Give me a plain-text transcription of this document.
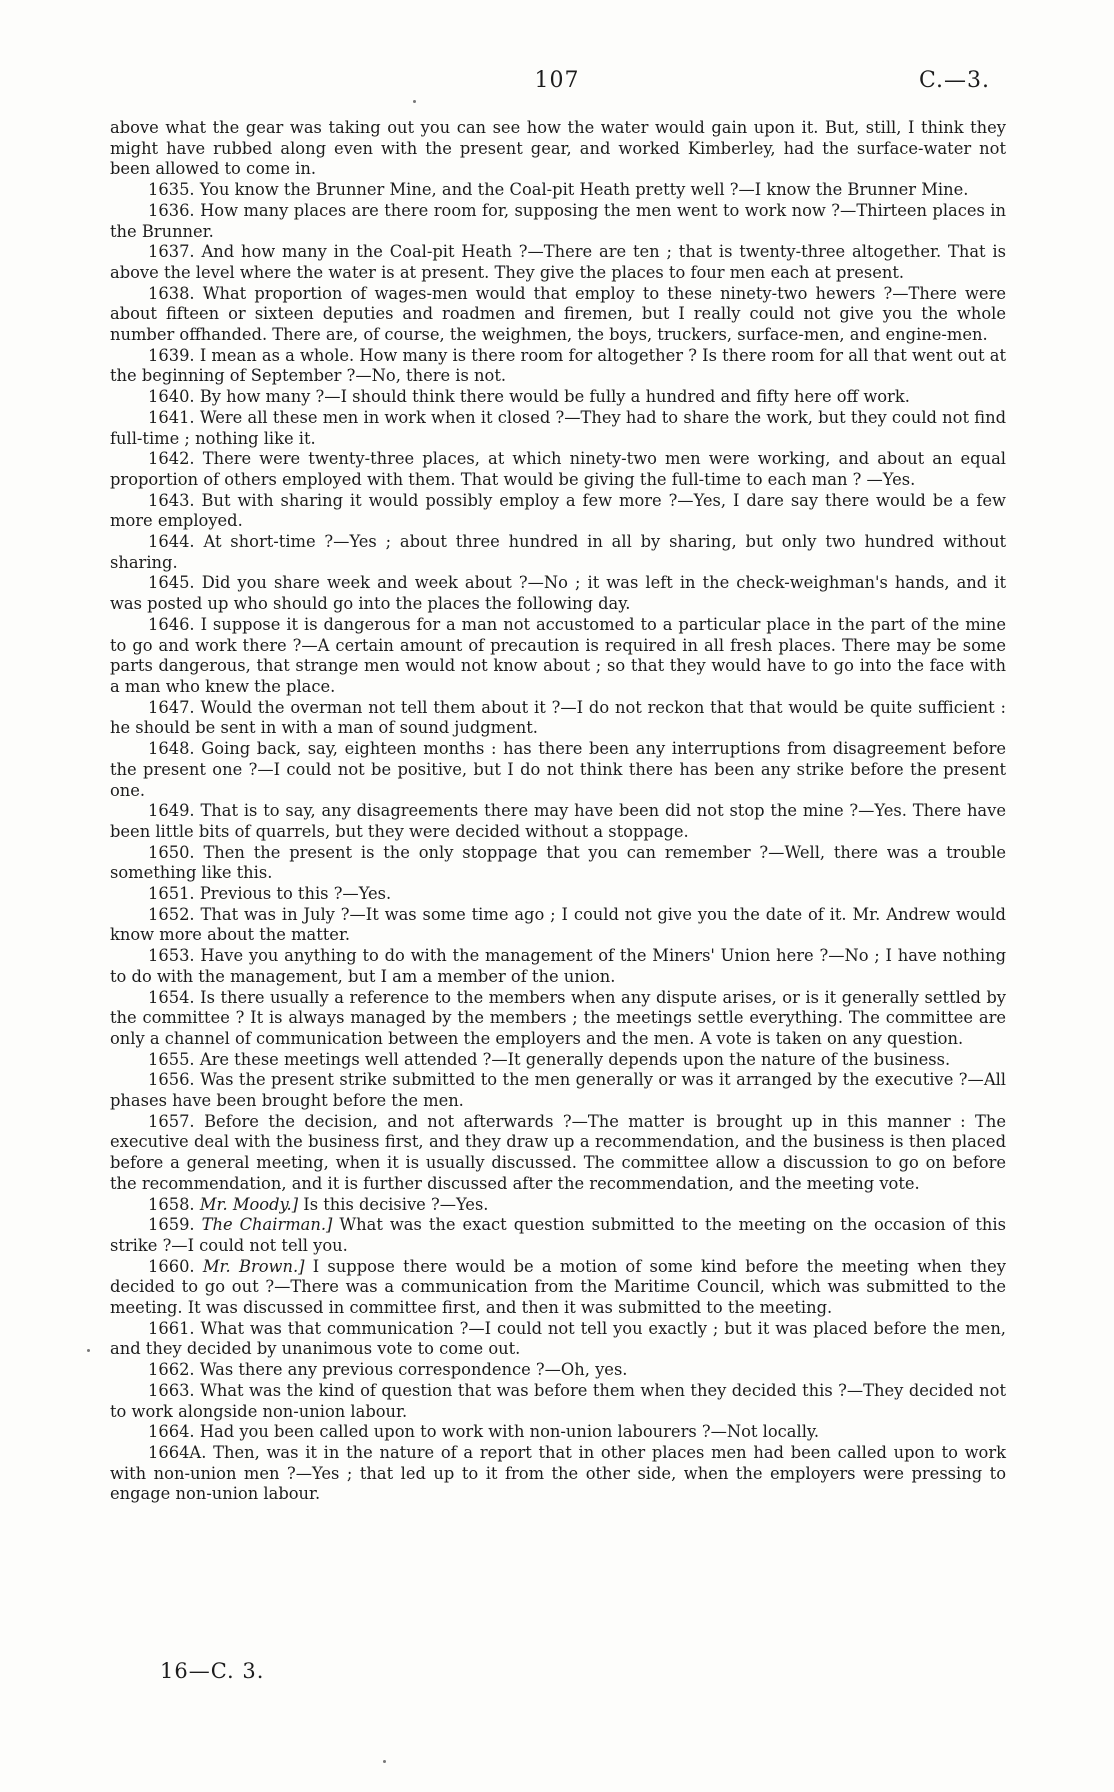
107	C.—3.

above what the gear was taking out you can see how the water would gain upon it. But, still, I think they might have rubbed along even with the present gear, and worked Kimberley, had the surface-water not been allowed to come in.

1635. You know the Brunner Mine, and the Coal-pit Heath pretty well ?—I know the Brunner Mine.

1636. How many places are there room for, supposing the men went to work now ?—Thirteen places in the Brunner.

1637. And how many in the Coal-pit Heath ?—There are ten ; that is twenty-three altogether. That is above the level where the water is at present. They give the places to four men each at present.

1638. What proportion of wages-men would that employ to these ninety-two hewers ?—There were about fifteen or sixteen deputies and roadmen and firemen, but I really could not give you the whole number offhanded. There are, of course, the weighmen, the boys, truckers, surface-men, and engine-men.

1639. I mean as a whole. How many is there room for altogether ? Is there room for all that went out at the beginning of September ?—No, there is not.

1640. By how many ?—I should think there would be fully a hundred and fifty here off work.

1641. Were all these men in work when it closed ?—They had to share the work, but they could not find full-time ; nothing like it.

1642. There were twenty-three places, at which ninety-two men were working, and about an equal proportion of others employed with them. That would be giving the full-time to each man ? —Yes.

1643. But with sharing it would possibly employ a few more ?—Yes, I dare say there would be a few more employed.

1644. At short-time ?—Yes ; about three hundred in all by sharing, but only two hundred without sharing.

1645. Did you share week and week about ?—No ; it was left in the check-weighman's hands, and it was posted up who should go into the places the following day.

1646. I suppose it is dangerous for a man not accustomed to a particular place in the part of the mine to go and work there ?—A certain amount of precaution is required in all fresh places. There may be some parts dangerous, that strange men would not know about ; so that they would have to go into the face with a man who knew the place.

1647. Would the overman not tell them about it ?—I do not reckon that that would be quite sufficient : he should be sent in with a man of sound judgment.

1648. Going back, say, eighteen months : has there been any interruptions from disagreement before the present one ?—I could not be positive, but I do not think there has been any strike before the present one.

1649. That is to say, any disagreements there may have been did not stop the mine ?—Yes. There have been little bits of quarrels, but they were decided without a stoppage.

1650. Then the present is the only stoppage that you can remember ?—Well, there was a trouble something like this.

1651. Previous to this ?—Yes.

1652. That was in July ?—It was some time ago ; I could not give you the date of it. Mr. Andrew would know more about the matter.

1653. Have you anything to do with the management of the Miners' Union here ?—No ; I have nothing to do with the management, but I am a member of the union.

1654. Is there usually a reference to the members when any dispute arises, or is it generally settled by the committee ? It is always managed by the members ; the meetings settle everything. The committee are only a channel of communication between the employers and the men. A vote is taken on any question.

1655. Are these meetings well attended ?—It generally depends upon the nature of the business.

1656. Was the present strike submitted to the men generally or was it arranged by the executive ?—All phases have been brought before the men.

1657. Before the decision, and not afterwards ?—The matter is brought up in this manner : The executive deal with the business first, and they draw up a recommendation, and the business is then placed before a general meeting, when it is usually discussed. The committee allow a discussion to go on before the recommendation, and it is further discussed after the recommendation, and the meeting vote.

1658. Mr. Moody.] Is this decisive ?—Yes.

1659. The Chairman.] What was the exact question submitted to the meeting on the occasion of this strike ?—I could not tell you.

1660. Mr. Brown.] I suppose there would be a motion of some kind before the meeting when they decided to go out ?—There was a communication from the Maritime Council, which was submitted to the meeting. It was discussed in committee first, and then it was submitted to the meeting.

1661. What was that communication ?—I could not tell you exactly ; but it was placed before the men, and they decided by unanimous vote to come out.

1662. Was there any previous correspondence ?—Oh, yes.

1663. What was the kind of question that was before them when they decided this ?—They decided not to work alongside non-union labour.

1664. Had you been called upon to work with non-union labourers ?—Not locally.

1664A. Then, was it in the nature of a report that in other places men had been called upon to work with non-union men ?—Yes ; that led up to it from the other side, when the employers were pressing to engage non-union labour.

16—C. 3.
